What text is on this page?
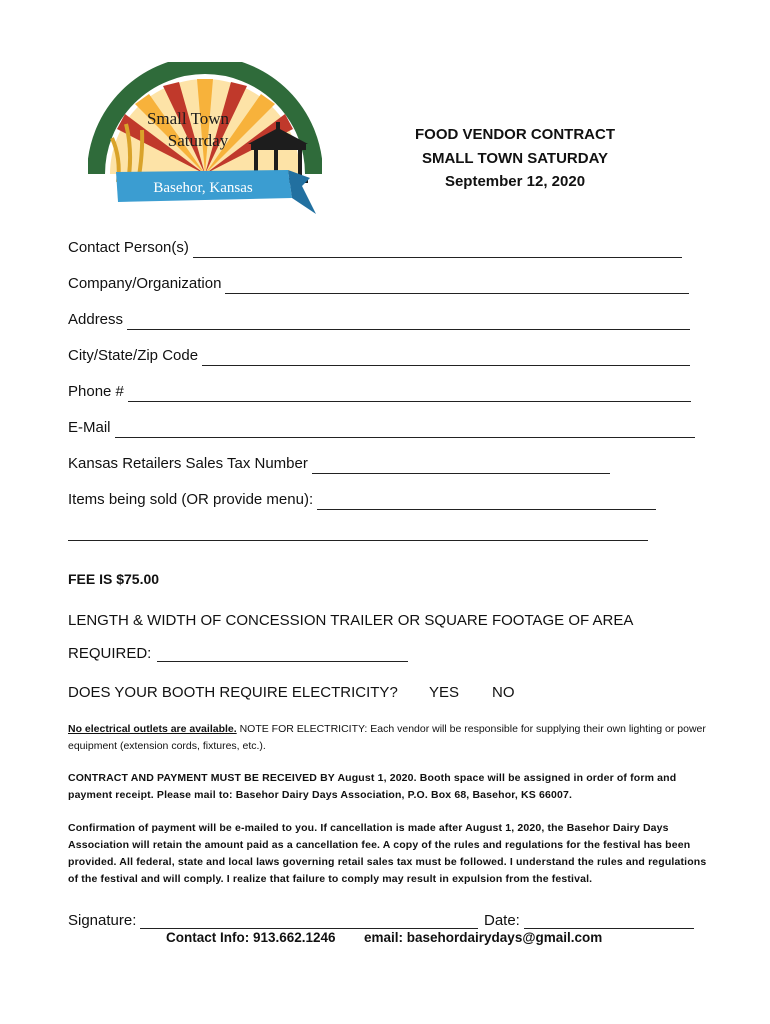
Small Town
Saturday
Basehor, Kansas
FOOD VENDOR CONTRACT
SMALL TOWN SATURDAY
September 12, 2020
Contact Person(s)
Company/Organization
Address
City/State/Zip Code
Phone #
E-Mail
Kansas Retailers Sales Tax Number
Items being sold (OR provide menu):
FEE IS $75.00
LENGTH & WIDTH OF CONCESSION TRAILER OR SQUARE FOOTAGE OF AREA
REQUIRED:
DOES YOUR BOOTH REQUIRE ELECTRICITY? YES NO
No electrical outlets are available. NOTE FOR ELECTRICITY: Each vendor will be responsible for supplying their own lighting or power equipment (extension cords, fixtures, etc.).
CONTRACT AND PAYMENT MUST BE RECEIVED BY August 1, 2020. Booth space will be assigned in order of form and payment receipt. Please mail to: Basehor Dairy Days Association, P.O. Box 68, Basehor, KS 66007.
Confirmation of payment will be e-mailed to you. If cancellation is made after August 1, 2020, the Basehor Dairy Days Association will retain the amount paid as a cancellation fee. A copy of the rules and regulations for the festival has been provided. All federal, state and local laws governing retail sales tax must be followed. I understand the rules and regulations of the festival and will comply. I realize that failure to comply may result in expulsion from the festival.
Signature:	Date:
Contact Info: 913.662.1246 email: basehordairydays@gmail.com
